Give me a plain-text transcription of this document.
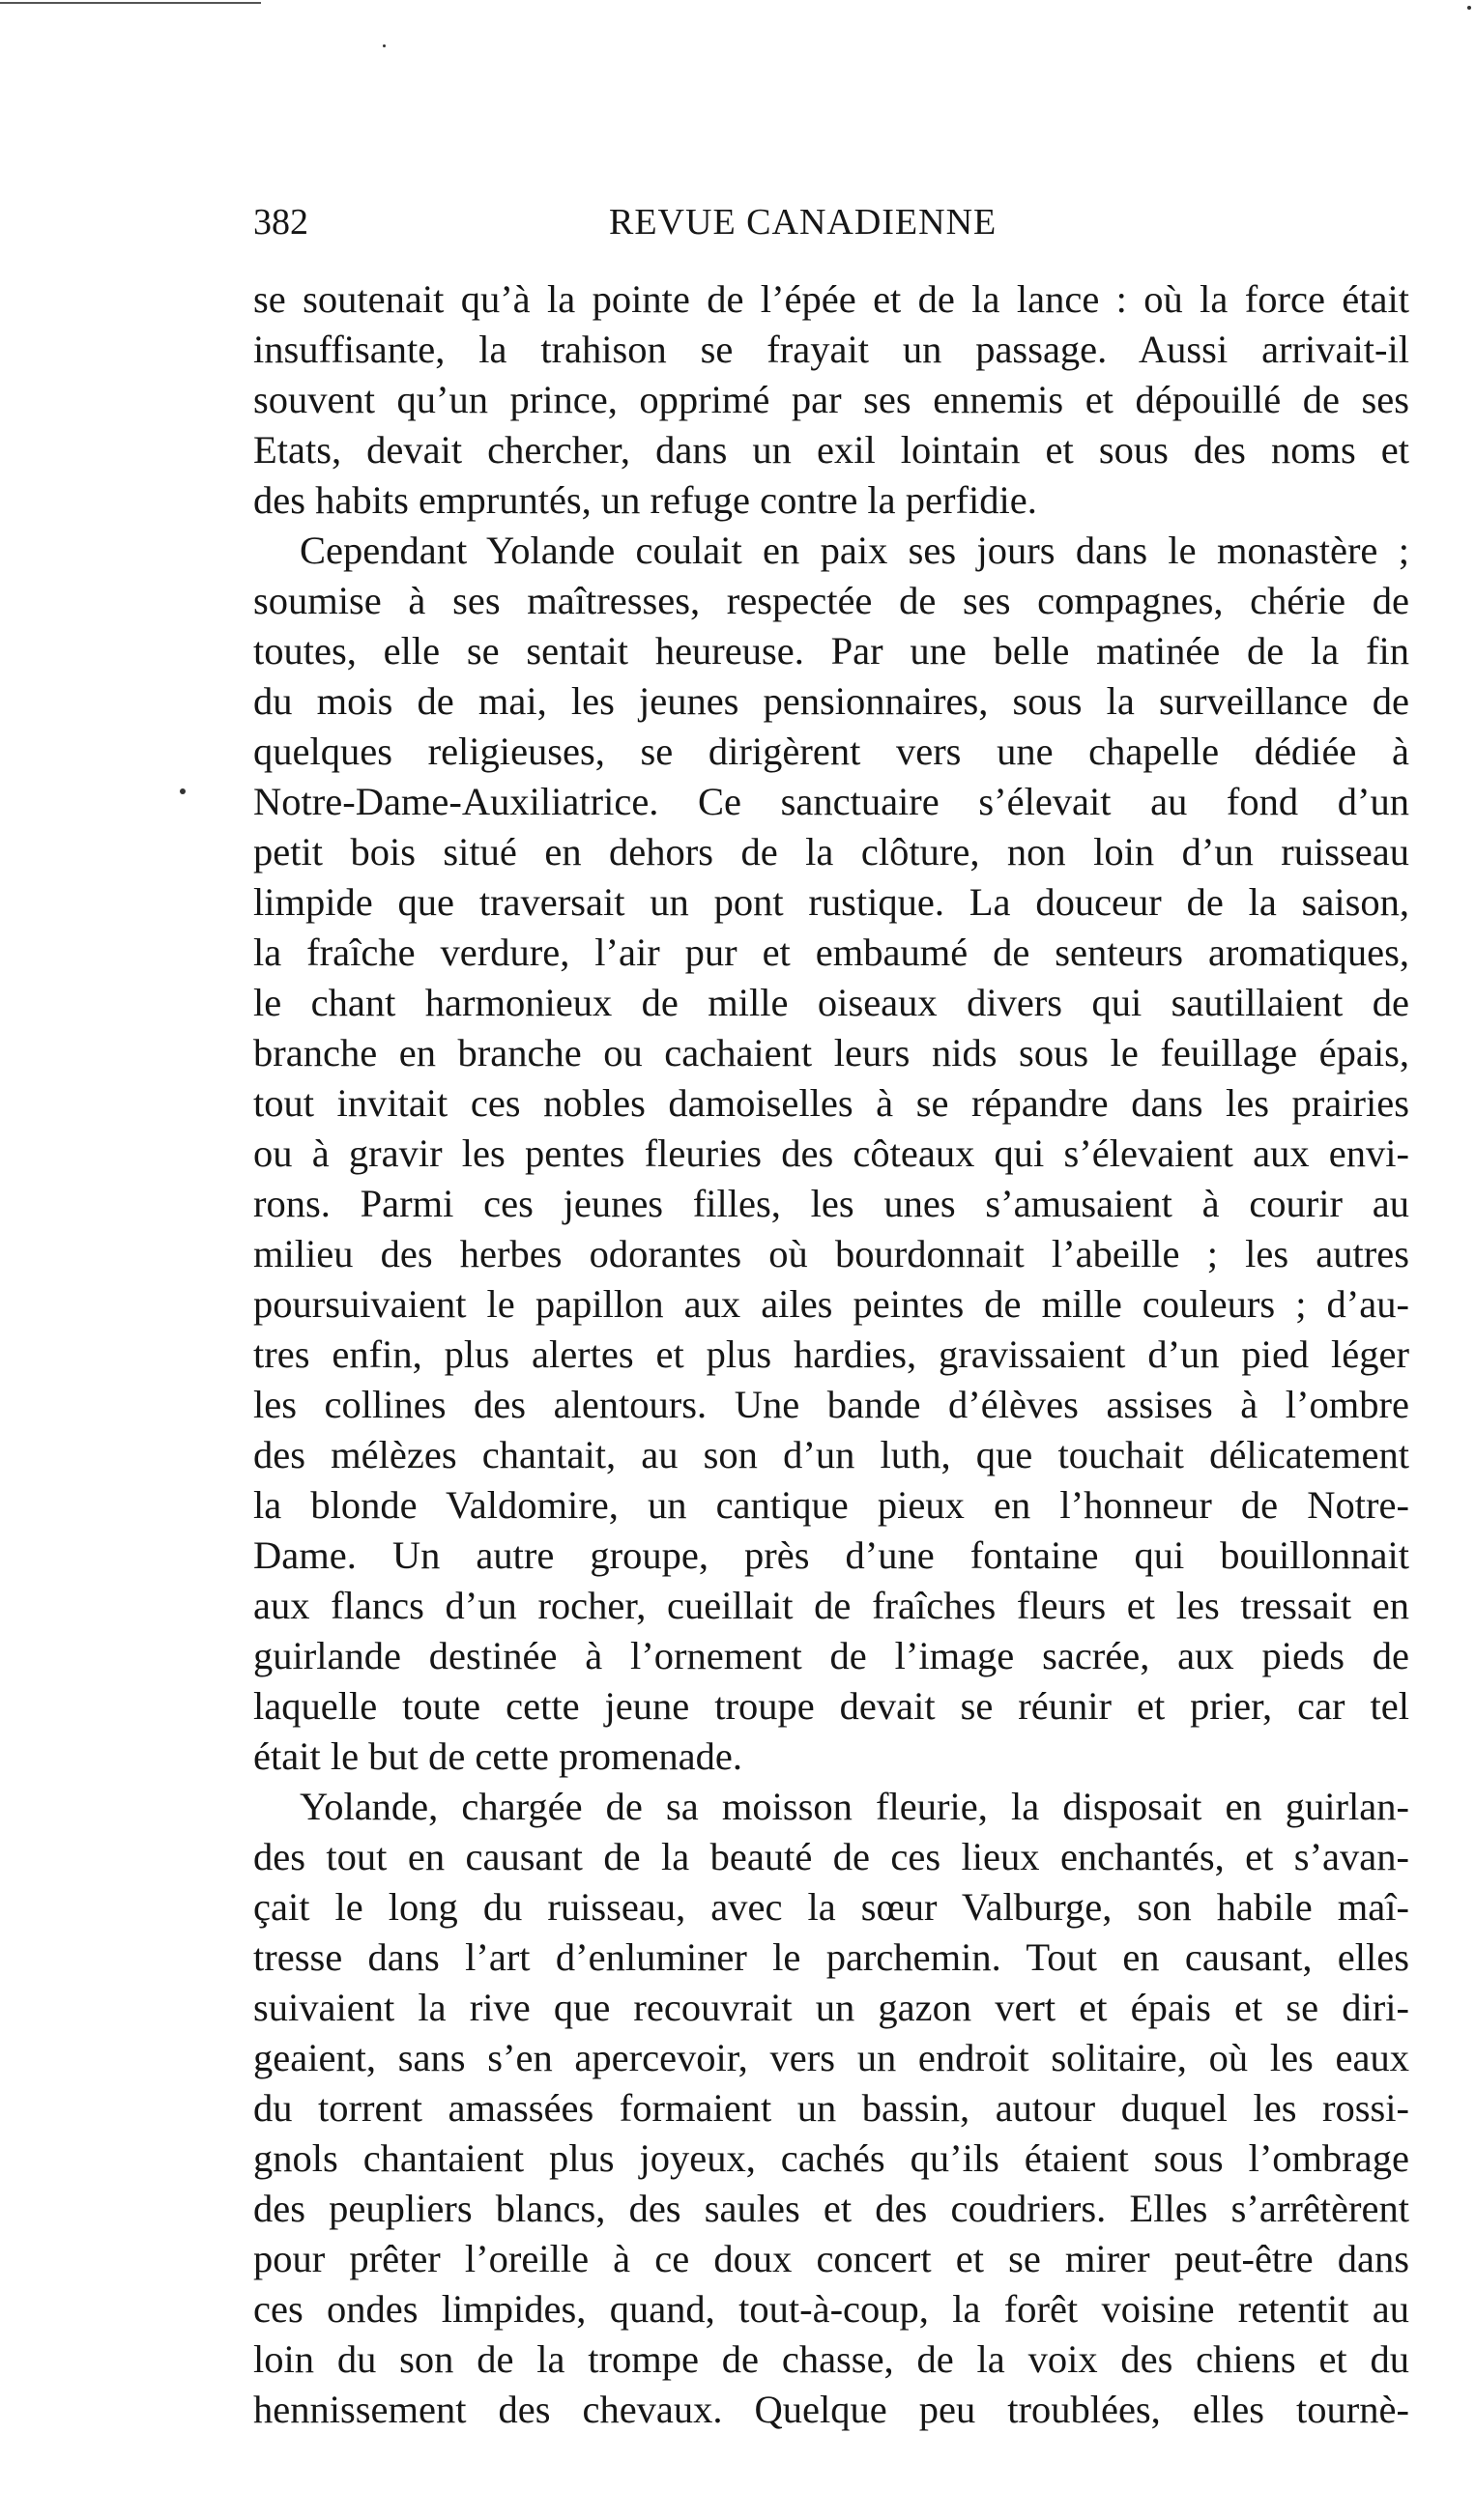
382	REVUE CANADIENNE
se soutenait qu’à la pointe de l’épée et de la lance : où la force était
insuffisante, la trahison se frayait un passage. Aussi arrivait-il
souvent qu’un prince, opprimé par ses ennemis et dépouillé de ses
Etats, devait chercher, dans un exil lointain et sous des noms et
des habits empruntés, un refuge contre la perfidie.
Cependant Yolande coulait en paix ses jours dans le monastère ;
soumise à ses maîtresses, respectée de ses compagnes, chérie de
toutes, elle se sentait heureuse. Par une belle matinée de la fin
du mois de mai, les jeunes pensionnaires, sous la surveillance de
quelques religieuses, se dirigèrent vers une chapelle dédiée à
Notre-Dame-Auxiliatrice. Ce sanctuaire s’élevait au fond d’un
petit bois situé en dehors de la clôture, non loin d’un ruisseau
limpide que traversait un pont rustique. La douceur de la saison,
la fraîche verdure, l’air pur et embaumé de senteurs aromatiques,
le chant harmonieux de mille oiseaux divers qui sautillaient de
branche en branche ou cachaient leurs nids sous le feuillage épais,
tout invitait ces nobles damoiselles à se répandre dans les prairies
ou à gravir les pentes fleuries des côteaux qui s’élevaient aux envi-
rons. Parmi ces jeunes filles, les unes s’amusaient à courir au
milieu des herbes odorantes où bourdonnait l’abeille ; les autres
poursuivaient le papillon aux ailes peintes de mille couleurs ; d’au-
tres enfin, plus alertes et plus hardies, gravissaient d’un pied léger
les collines des alentours. Une bande d’élèves assises à l’ombre
des mélèzes chantait, au son d’un luth, que touchait délicatement
la blonde Valdomire, un cantique pieux en l’honneur de Notre-
Dame. Un autre groupe, près d’une fontaine qui bouillonnait
aux flancs d’un rocher, cueillait de fraîches fleurs et les tressait en
guirlande destinée à l’ornement de l’image sacrée, aux pieds de
laquelle toute cette jeune troupe devait se réunir et prier, car tel
était le but de cette promenade.
Yolande, chargée de sa moisson fleurie, la disposait en guirlan-
des tout en causant de la beauté de ces lieux enchantés, et s’avan-
çait le long du ruisseau, avec la sœur Valburge, son habile maî-
tresse dans l’art d’enluminer le parchemin. Tout en causant, elles
suivaient la rive que recouvrait un gazon vert et épais et se diri-
geaient, sans s’en apercevoir, vers un endroit solitaire, où les eaux
du torrent amassées formaient un bassin, autour duquel les rossi-
gnols chantaient plus joyeux, cachés qu’ils étaient sous l’ombrage
des peupliers blancs, des saules et des coudriers. Elles s’arrêtèrent
pour prêter l’oreille à ce doux concert et se mirer peut-être dans
ces ondes limpides, quand, tout-à-coup, la forêt voisine retentit au
loin du son de la trompe de chasse, de la voix des chiens et du
hennissement des chevaux. Quelque peu troublées, elles tournè-
